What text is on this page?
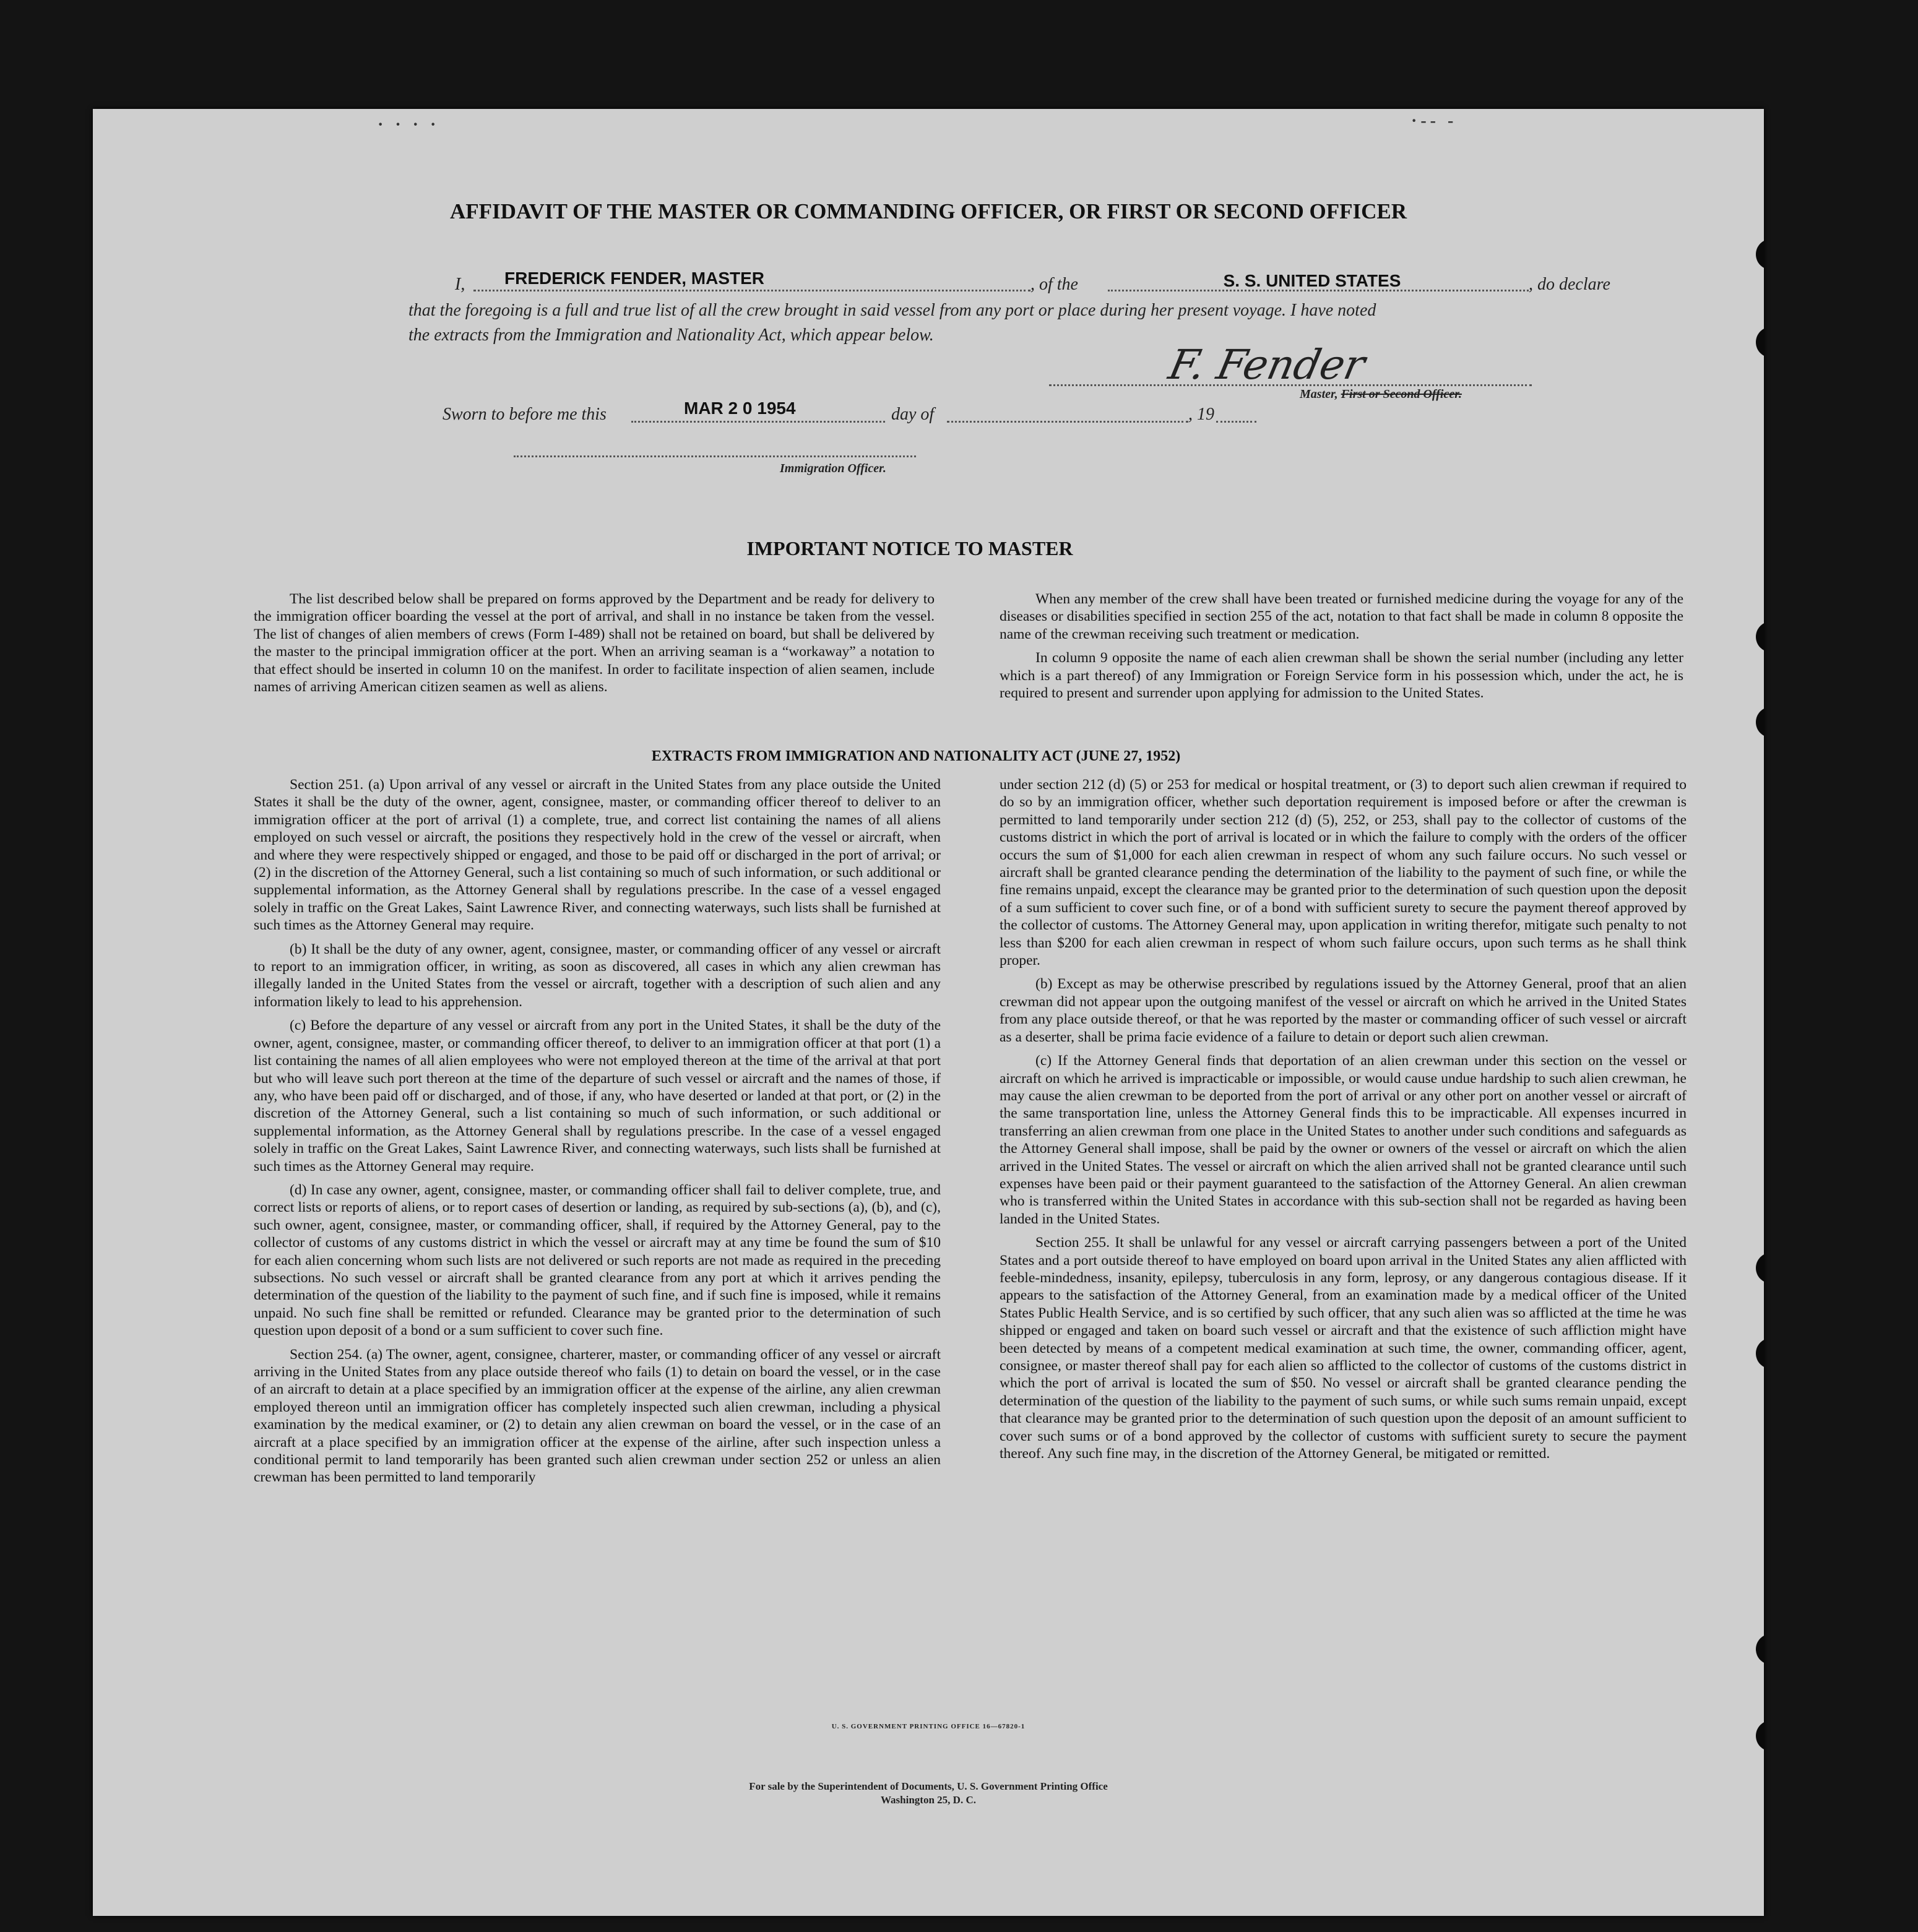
· · · ·	·-- -
AFFIDAVIT OF THE MASTER OR COMMANDING OFFICER, OR FIRST OR SECOND OFFICER
I, FREDERICK FENDER, MASTER	, of the	S. S. UNITED STATES	, do declare
that the foregoing is a full and true list of all the crew brought in said vessel from any port or place during her present voyage. I have noted
the extracts from the Immigration and Nationality Act, which appear below.
F. Fender
Master, First or Second Officer.
Sworn to before me this	MAR 2 0 1954	day of	, 19
Immigration Officer.
IMPORTANT NOTICE TO MASTER

The list described below shall be prepared on forms approved by the Department and be ready for delivery to the immigration officer boarding the vessel at the port of arrival, and shall in no instance be taken from the vessel. The list of changes of alien members of crews (Form I-489) shall not be retained on board, but shall be delivered by the master to the principal immigration officer at the port. When an arriving seaman is a “workaway” a notation to that effect should be inserted in column 10 on the manifest. In order to facilitate inspection of alien seamen, include names of arriving American citizen seamen as well as aliens.

When any member of the crew shall have been treated or furnished medicine during the voyage for any of the diseases or disabilities specified in section 255 of the act, notation to that fact shall be made in column 8 opposite the name of the crewman receiving such treatment or medication.

In column 9 opposite the name of each alien crewman shall be shown the serial number (including any letter which is a part thereof) of any Immigration or Foreign Service form in his possession which, under the act, he is required to present and surrender upon applying for admission to the United States.

EXTRACTS FROM IMMIGRATION AND NATIONALITY ACT (JUNE 27, 1952)

Section 251. (a) Upon arrival of any vessel or aircraft in the United States from any place outside the United States it shall be the duty of the owner, agent, consignee, master, or commanding officer thereof to deliver to an immigration officer at the port of arrival (1) a complete, true, and correct list containing the names of all aliens employed on such vessel or aircraft, the positions they respectively hold in the crew of the vessel or aircraft, when and where they were respectively shipped or engaged, and those to be paid off or discharged in the port of arrival; or (2) in the discretion of the Attorney General, such a list containing so much of such information, or such additional or supplemental information, as the Attorney General shall by regulations prescribe. In the case of a vessel engaged solely in traffic on the Great Lakes, Saint Lawrence River, and connecting waterways, such lists shall be furnished at such times as the Attorney General may require.

(b) It shall be the duty of any owner, agent, consignee, master, or commanding officer of any vessel or aircraft to report to an immigration officer, in writing, as soon as discovered, all cases in which any alien crewman has illegally landed in the United States from the vessel or aircraft, together with a description of such alien and any information likely to lead to his apprehension.

(c) Before the departure of any vessel or aircraft from any port in the United States, it shall be the duty of the owner, agent, consignee, master, or commanding officer thereof, to deliver to an immigration officer at that port (1) a list containing the names of all alien employees who were not employed thereon at the time of the arrival at that port but who will leave such port thereon at the time of the departure of such vessel or aircraft and the names of those, if any, who have been paid off or discharged, and of those, if any, who have deserted or landed at that port, or (2) in the discretion of the Attorney General, such a list containing so much of such information, or such additional or supplemental information, as the Attorney General shall by regulations prescribe. In the case of a vessel engaged solely in traffic on the Great Lakes, Saint Lawrence River, and connecting waterways, such lists shall be furnished at such times as the Attorney General may require.

(d) In case any owner, agent, consignee, master, or commanding officer shall fail to deliver complete, true, and correct lists or reports of aliens, or to report cases of desertion or landing, as required by sub-sections (a), (b), and (c), such owner, agent, consignee, master, or commanding officer, shall, if required by the Attorney General, pay to the collector of customs of any customs district in which the vessel or aircraft may at any time be found the sum of $10 for each alien concerning whom such lists are not delivered or such reports are not made as required in the preceding subsections. No such vessel or aircraft shall be granted clearance from any port at which it arrives pending the determination of the question of the liability to the payment of such fine, and if such fine is imposed, while it remains unpaid. No such fine shall be remitted or refunded. Clearance may be granted prior to the determination of such question upon deposit of a bond or a sum sufficient to cover such fine.

Section 254. (a) The owner, agent, consignee, charterer, master, or commanding officer of any vessel or aircraft arriving in the United States from any place outside thereof who fails (1) to detain on board the vessel, or in the case of an aircraft to detain at a place specified by an immigration officer at the expense of the airline, any alien crewman employed thereon until an immigration officer has completely inspected such alien crewman, including a physical examination by the medical examiner, or (2) to detain any alien crewman on board the vessel, or in the case of an aircraft at a place specified by an immigration officer at the expense of the airline, after such inspection unless a conditional permit to land temporarily has been granted such alien crewman under section 252 or unless an alien crewman has been permitted to land temporarily

under section 212 (d) (5) or 253 for medical or hospital treatment, or (3) to deport such alien crewman if required to do so by an immigration officer, whether such deportation requirement is imposed before or after the crewman is permitted to land temporarily under section 212 (d) (5), 252, or 253, shall pay to the collector of customs of the customs district in which the port of arrival is located or in which the failure to comply with the orders of the officer occurs the sum of $1,000 for each alien crewman in respect of whom any such failure occurs. No such vessel or aircraft shall be granted clearance pending the determination of the liability to the payment of such fine, or while the fine remains unpaid, except the clearance may be granted prior to the determination of such question upon the deposit of a sum sufficient to cover such fine, or of a bond with sufficient surety to secure the payment thereof approved by the collector of customs. The Attorney General may, upon application in writing therefor, mitigate such penalty to not less than $200 for each alien crewman in respect of whom such failure occurs, upon such terms as he shall think proper.

(b) Except as may be otherwise prescribed by regulations issued by the Attorney General, proof that an alien crewman did not appear upon the outgoing manifest of the vessel or aircraft on which he arrived in the United States from any place outside thereof, or that he was reported by the master or commanding officer of such vessel or aircraft as a deserter, shall be prima facie evidence of a failure to detain or deport such alien crewman.

(c) If the Attorney General finds that deportation of an alien crewman under this section on the vessel or aircraft on which he arrived is impracticable or impossible, or would cause undue hardship to such alien crewman, he may cause the alien crewman to be deported from the port of arrival or any other port on another vessel or aircraft of the same transportation line, unless the Attorney General finds this to be impracticable. All expenses incurred in transferring an alien crewman from one place in the United States to another under such conditions and safeguards as the Attorney General shall impose, shall be paid by the owner or owners of the vessel or aircraft on which the alien arrived in the United States. The vessel or aircraft on which the alien arrived shall not be granted clearance until such expenses have been paid or their payment guaranteed to the satisfaction of the Attorney General. An alien crewman who is transferred within the United States in accordance with this sub-section shall not be regarded as having been landed in the United States.

Section 255. It shall be unlawful for any vessel or aircraft carrying passengers between a port of the United States and a port outside thereof to have employed on board upon arrival in the United States any alien afflicted with feeble-mindedness, insanity, epilepsy, tuberculosis in any form, leprosy, or any dangerous contagious disease. If it appears to the satisfaction of the Attorney General, from an examination made by a medical officer of the United States Public Health Service, and is so certified by such officer, that any such alien was so afflicted at the time he was shipped or engaged and taken on board such vessel or aircraft and that the existence of such affliction might have been detected by means of a competent medical examination at such time, the owner, commanding officer, agent, consignee, or master thereof shall pay for each alien so afflicted to the collector of customs of the customs district in which the port of arrival is located the sum of $50. No vessel or aircraft shall be granted clearance pending the determination of the question of the liability to the payment of such sums, or while such sums remain unpaid, except that clearance may be granted prior to the determination of such question upon the deposit of an amount sufficient to cover such sums or of a bond approved by the collector of customs with sufficient surety to secure the payment thereof. Any such fine may, in the discretion of the Attorney General, be mitigated or remitted.

U. S. GOVERNMENT PRINTING OFFICE 16—67820-1
For sale by the Superintendent of Documents, U. S. Government Printing Office
Washington 25, D. C.
